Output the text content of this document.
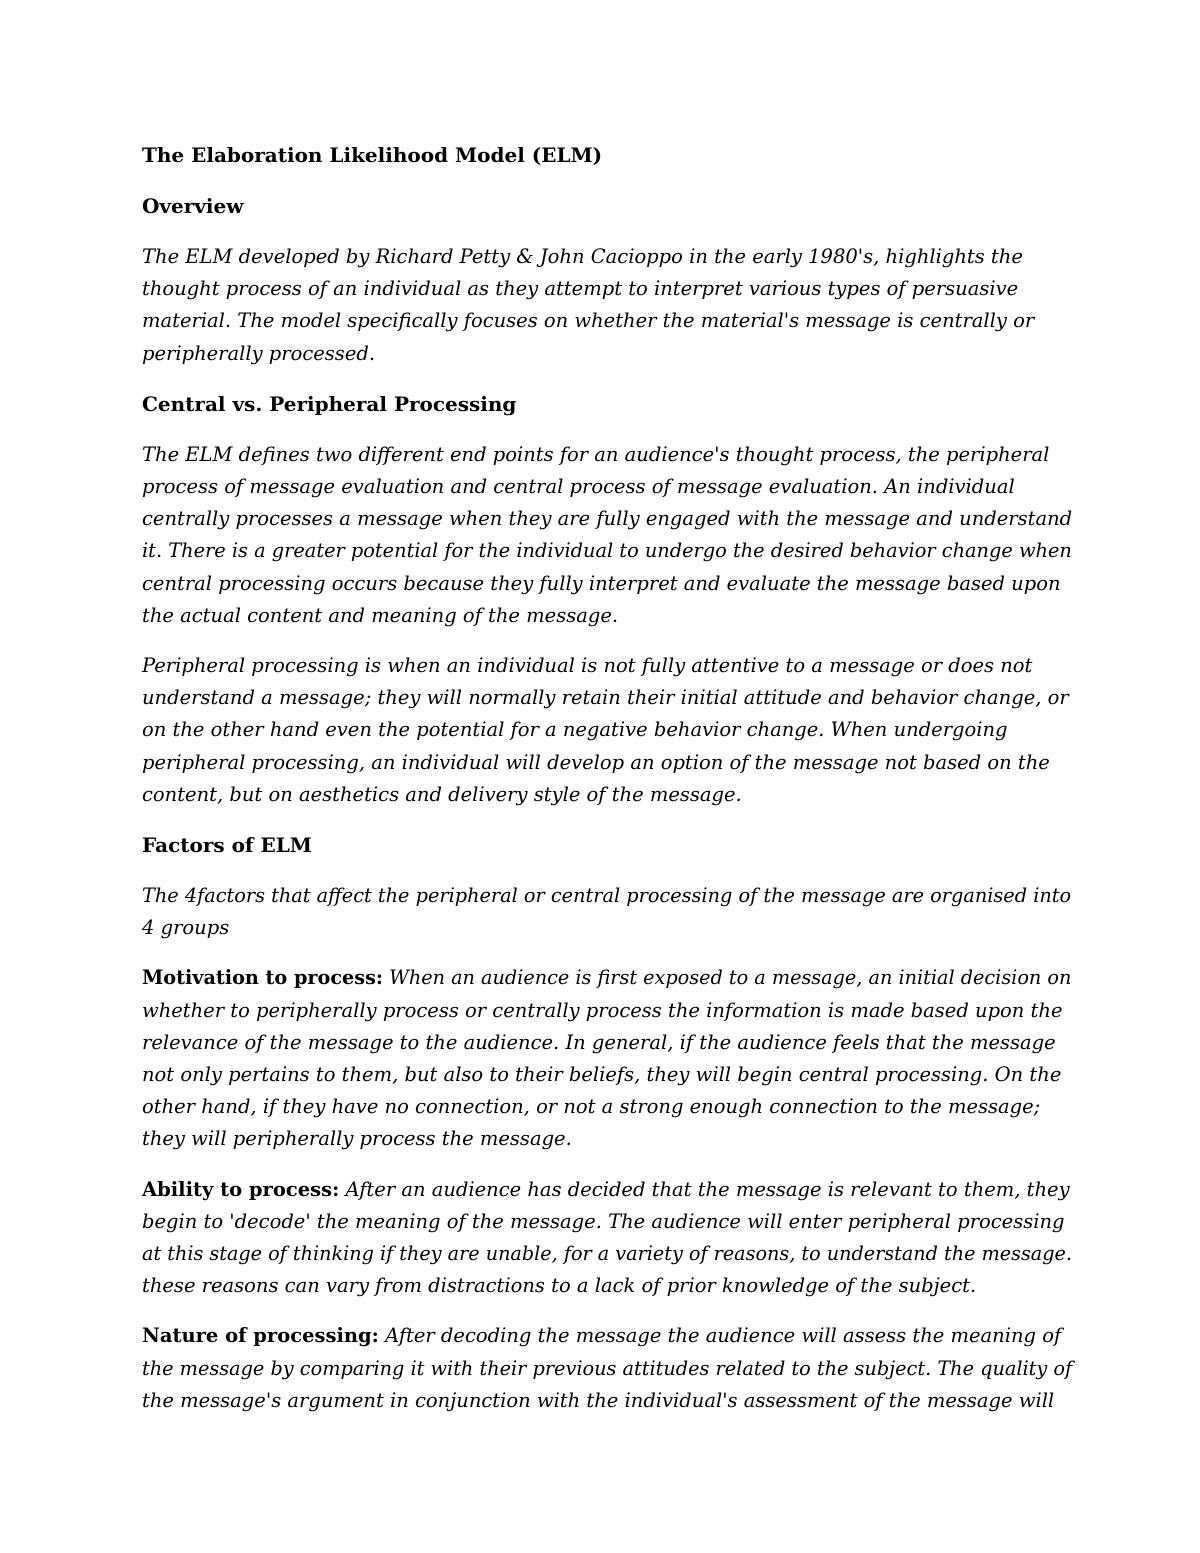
The Elaboration Likelihood Model (ELM)

Overview

The ELM developed by Richard Petty & John Cacioppo in the early 1980's, highlights the
thought process of an individual as they attempt to interpret various types of persuasive
material. The model specifically focuses on whether the material's message is centrally or
peripherally processed.

Central vs. Peripheral Processing

The ELM defines two different end points for an audience's thought process, the peripheral
process of message evaluation and central process of message evaluation. An individual
centrally processes a message when they are fully engaged with the message and understand
it. There is a greater potential for the individual to undergo the desired behavior change when
central processing occurs because they fully interpret and evaluate the message based upon
the actual content and meaning of the message.

Peripheral processing is when an individual is not fully attentive to a message or does not
understand a message; they will normally retain their initial attitude and behavior change, or
on the other hand even the potential for a negative behavior change. When undergoing
peripheral processing, an individual will develop an option of the message not based on the
content, but on aesthetics and delivery style of the message.

Factors of ELM

The 4factors that affect the peripheral or central processing of the message are organised into
4 groups

Motivation to process: When an audience is first exposed to a message, an initial decision on
whether to peripherally process or centrally process the information is made based upon the
relevance of the message to the audience. In general, if the audience feels that the message
not only pertains to them, but also to their beliefs, they will begin central processing. On the
other hand, if they have no connection, or not a strong enough connection to the message;
they will peripherally process the message.

Ability to process: After an audience has decided that the message is relevant to them, they
begin to 'decode' the meaning of the message. The audience will enter peripheral processing
at this stage of thinking if they are unable, for a variety of reasons, to understand the message.
these reasons can vary from distractions to a lack of prior knowledge of the subject.

Nature of processing: After decoding the message the audience will assess the meaning of
the message by comparing it with their previous attitudes related to the subject. The quality of
the message's argument in conjunction with the individual's assessment of the message will
